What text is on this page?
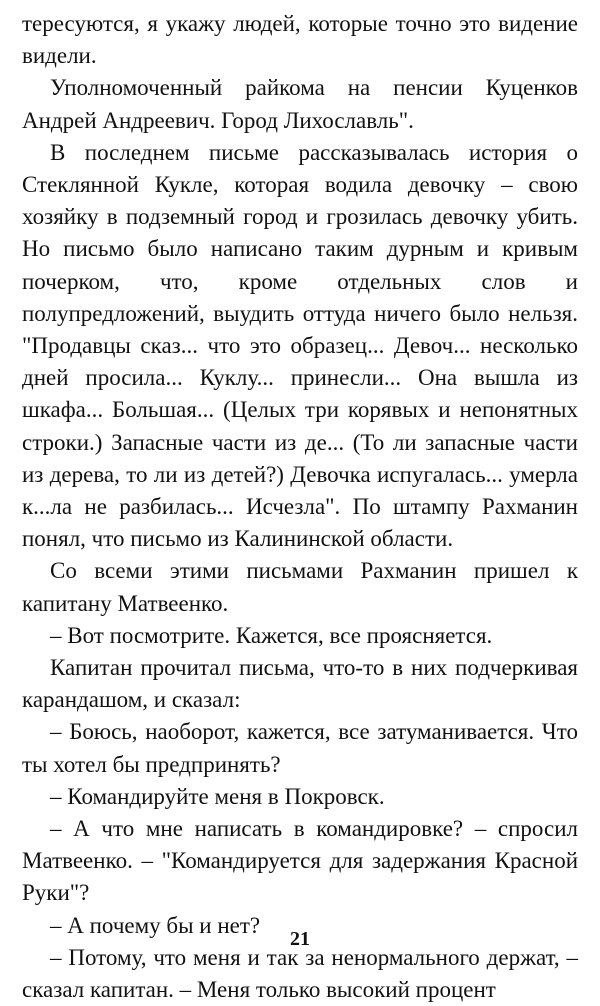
тересуются, я укажу людей, которые точно это видение видели.

Уполномоченный райкома на пенсии Куценков Андрей Андреевич. Город Лихославль".

В последнем письме рассказывалась история о Стеклянной Кукле, которая водила девочку – свою хозяйку в подземный город и грозилась девочку убить. Но письмо было написано таким дурным и кривым почерком, что, кроме отдельных слов и полупредложений, выудить оттуда ничего было нельзя. "Продавцы сказ... что это образец... Девоч... несколько дней просила... Куклу... принесли... Она вышла из шкафа... Большая... (Целых три корявых и непонятных строки.) Запасные части из де... (То ли запасные части из дерева, то ли из детей?) Девочка испугалась... умерла к...ла не разбилась... Исчезла". По штампу Рахманин понял, что письмо из Калининской области.

Со всеми этими письмами Рахманин пришел к капитану Матвеенко.

– Вот посмотрите. Кажется, все проясняется.

Капитан прочитал письма, что-то в них подчеркивая карандашом, и сказал:

– Боюсь, наоборот, кажется, все затуманивается. Что ты хотел бы предпринять?

– Командируйте меня в Покровск.

– А что мне написать в командировке? – спросил Матвеенко. – "Командируется для задержания Красной Руки"?

– А почему бы и нет?

– Потому, что меня и так за ненормального держат, – сказал капитан. – Меня только высокий процент

21
